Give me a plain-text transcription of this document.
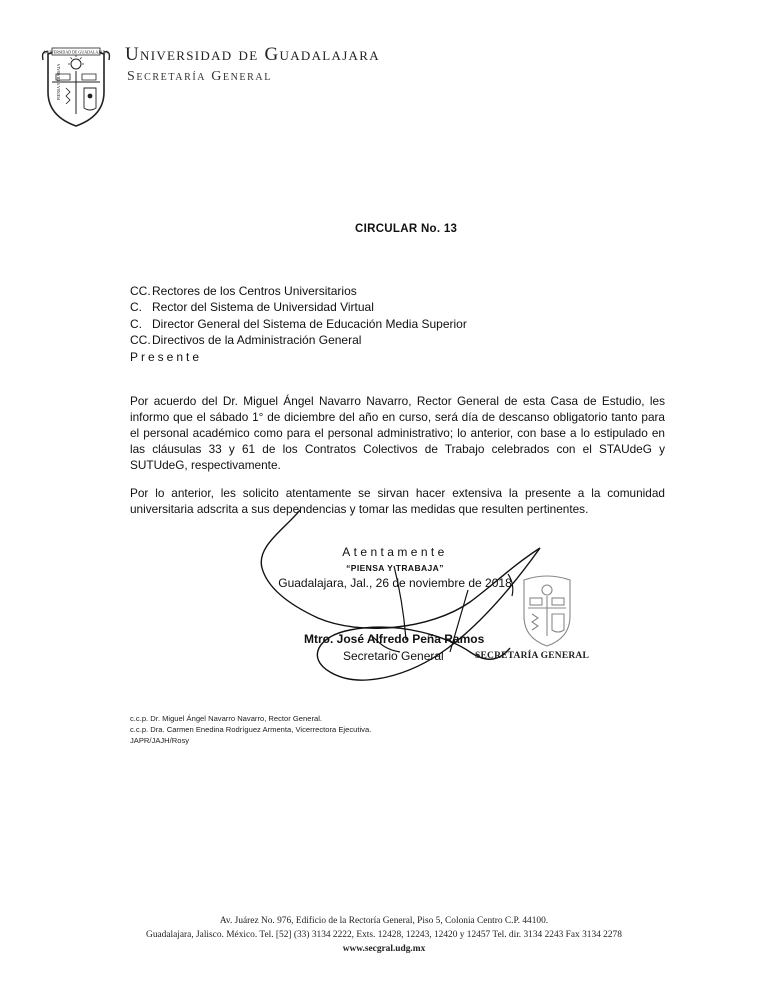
UNIVERSIDAD DE GUADALAJARA
PIENSA Y TRABAJA
Universidad de Guadalajara
Secretaría General
CIRCULAR No. 13
CC.Rectores de los Centros Universitarios
C. Rector del Sistema de Universidad Virtual
C. Director General del Sistema de Educación Media Superior
CC.Directivos de la Administración General
Presente
Por acuerdo del Dr. Miguel Ángel Navarro Navarro, Rector General de esta Casa de Estudio, les informo que el sábado 1° de diciembre del año en curso, será día de descanso obligatorio tanto para el personal académico como para el personal administrativo; lo anterior, con base a lo estipulado en las cláusulas 33 y 61 de los Contratos Colectivos de Trabajo celebrados con el STAUdeG y SUTUdeG, respectivamente.
Por lo anterior, les solicito atentamente se sirvan hacer extensiva la presente a la comunidad universitaria adscrita a sus dependencias y tomar las medidas que resulten pertinentes.
Atentamente
“PIENSA Y TRABAJA”
Guadalajara, Jal., 26 de noviembre de 2018
Mtro. José Alfredo Peña Ramos
Secretario General	SECRETARÍA GENERAL
c.c.p. Dr. Miguel Ángel Navarro Navarro, Rector General.
c.c.p. Dra. Carmen Enedina Rodríguez Armenta, Vicerrectora Ejecutiva.
JAPR/JAJH/Rosy
Av. Juárez No. 976, Edificio de la Rectoría General, Piso 5, Colonia Centro C.P. 44100.
Guadalajara, Jalisco. México. Tel. [52] (33) 3134 2222, Exts. 12428, 12243, 12420 y 12457 Tel. dir. 3134 2243 Fax 3134 2278
www.secgral.udg.mx
